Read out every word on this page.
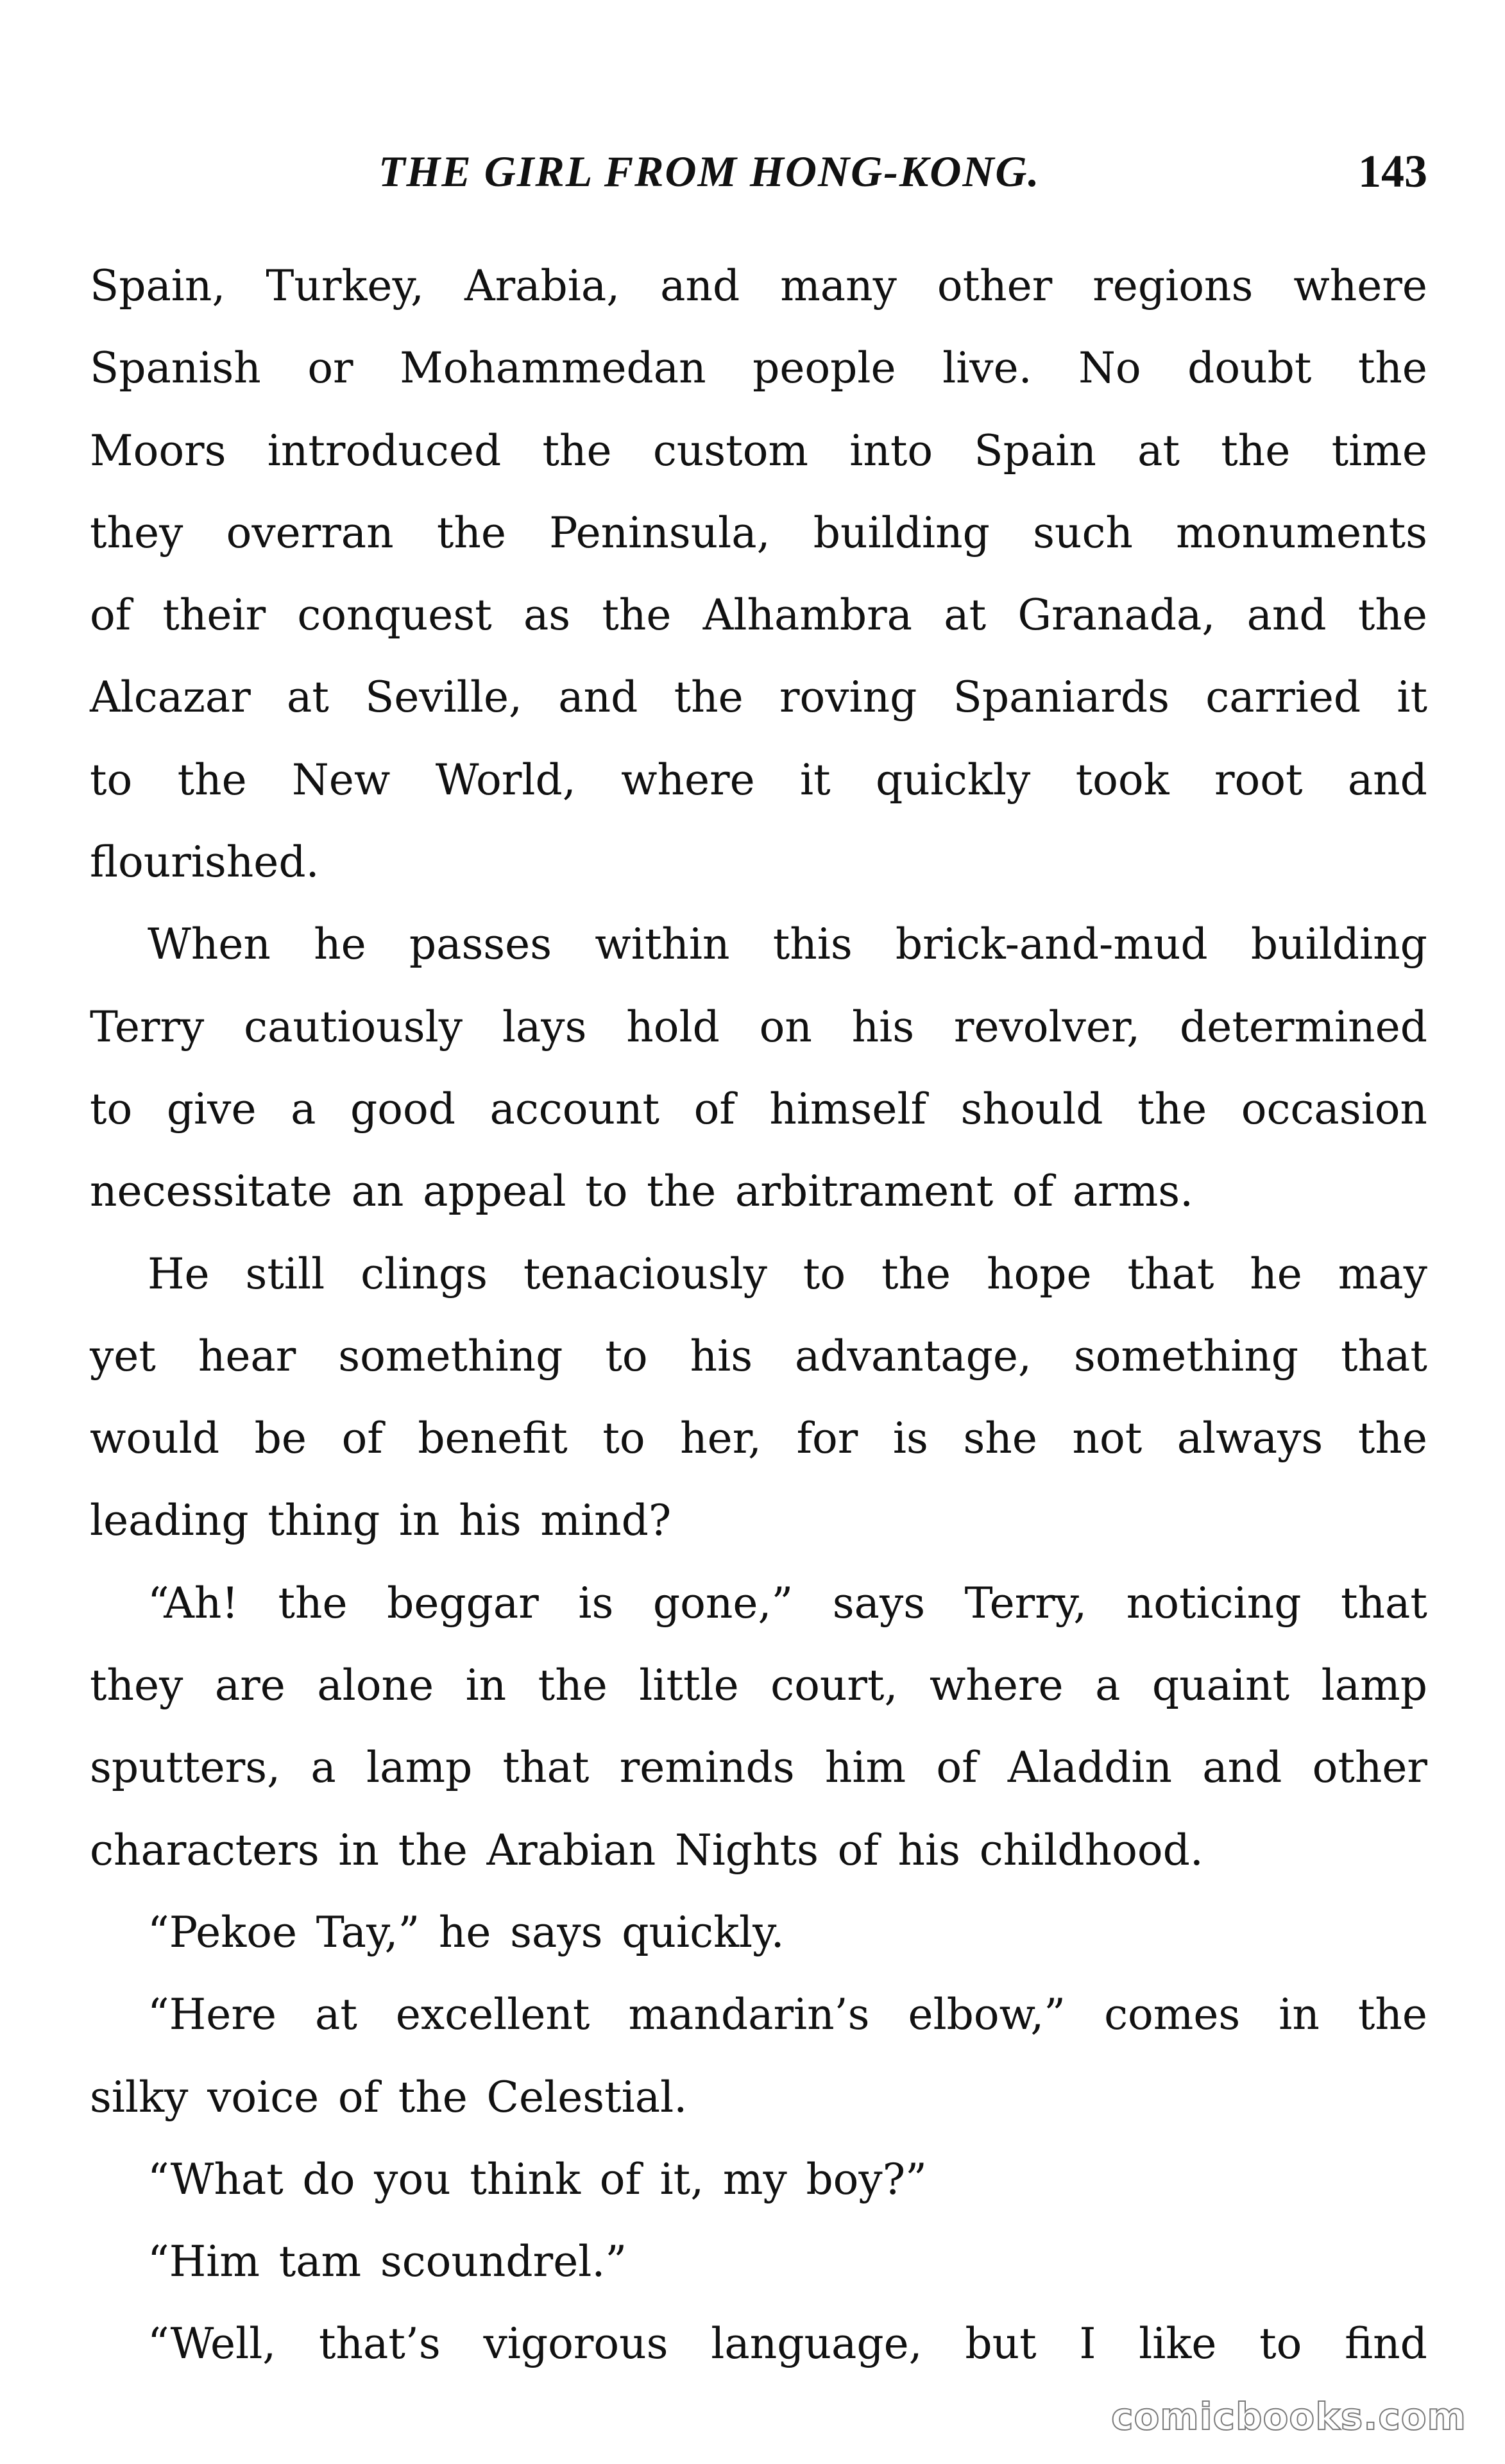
THE GIRL FROM HONG-KONG.	143
Spain, Turkey, Arabia, and many other regions where
Spanish or Mohammedan people live. No doubt the
Moors introduced the custom into Spain at the time
they overran the Peninsula, building such monuments
of their conquest as the Alhambra at Granada, and the
Alcazar at Seville, and the roving Spaniards carried it
to the New World, where it quickly took root and
flourished.
When he passes within this brick-and-mud building
Terry cautiously lays hold on his revolver, determined
to give a good account of himself should the occasion
necessitate an appeal to the arbitrament of arms.
He still clings tenaciously to the hope that he may
yet hear something to his advantage, something that
would be of benefit to her, for is she not always the
leading thing in his mind?
“Ah! the beggar is gone,” says Terry, noticing that
they are alone in the little court, where a quaint lamp
sputters, a lamp that reminds him of Aladdin and other
characters in the Arabian Nights of his childhood.
“Pekoe Tay,” he says quickly.
“Here at excellent mandarin’s elbow,” comes in the
silky voice of the Celestial.
“What do you think of it, my boy?”
“Him tam scoundrel.”
“Well, that’s vigorous language, but I like to find
comicbooks.com
